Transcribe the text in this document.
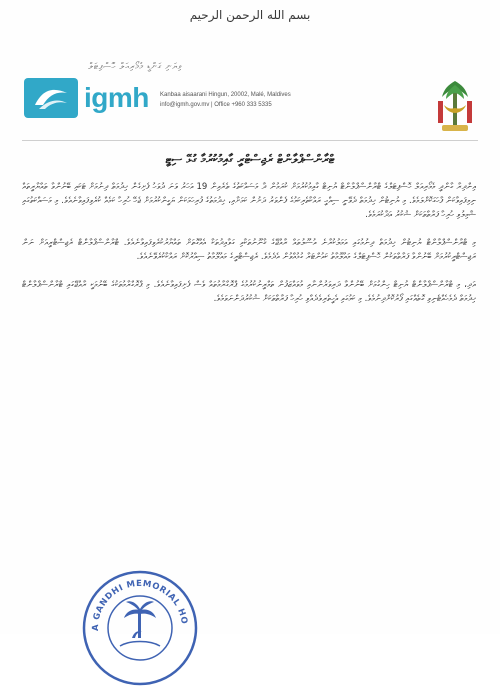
بسم الله الرحمن الرحيم
ވިޔަނި ގަންޑީ މެމޯރިއަލް ހޮސްޕިޓަލް
igmh Kanbaa aisaarani Hingun, 20002, Malé, Maldives
info@igmh.gov.mv | Office +960 333 5335
ޓްރާންސްޕްލާންޓް ރެޖިސްޓްރީ ގާއިމުކުރުމާ ގުޅޭ ސިޓީ

އިންދިރާ ގާންދީ މެމޯރިއަލް ހޮސްޕިޓަލްގެ ޓްރާންސްޕްލާންޓް ޔުނިޓް ގާއިމުކުރުމަށް ކުރަމުން ދާ މަސައްކަތުގެ ތެރެއިން 19 އަހަރު ވަނަ ދުވަހު ފެށިގެން ޚިދުމަތް ދިނުމަށް ޓަކައި ބޭނުންވާ ތައްޔާރީތައް ނިމިފައިވާކަން ފާހަގަކޮށްލަމެވެ. މި ޔުނިޓުން ޚިދުމަތް ދެވޭނީ ސިއްޙީ ރައްކާތެރިކަމުގެ ފެންވަރު ދަށުން ކަމަށާއި، ޚިދުމަތުގެ ފުރިހަމަކަން ޔަގީންކުރުމަށް ޖެހޭ ހުރިހާ ކަމެއް ކުރެވިފައިވާނެއެވެ. މި މަސައްކަތުގައި ޝާމިލުވި ހުރިހާ ފަރާތްތަކަށް ޝުކުރު އަދާކުރަމެވެ.

މި ޓްރާންސްޕްލާންޓް ޔުނިޓުން ޚިދުމަތް ދިނުމުގައި އަމަލުކުރާނެ އުސޫލުތައް ރާއްޖޭގެ ޤާނޫނުތަކާއި ގަވާއިދުތަކާ އެއްގޮތަށް ތައްޔާރުކުރެވިފައިވާނެއެވެ. ޓްރާންސްޕްލާންޓް ރެޖިސްޓްރީއަށް ނަން ރަޖިސްޓްރީކުރުމަށް ބޭނުންވާ ފަރާތްތަކުން ހޮސްޕިޓަލްގެ މައުލޫމާތު ކައުންޓަރާ ގުޅުއްވުން އެދެމެވެ. ރެޖިސްޓްރީގެ މައުލޫމާތު ސިއްރުކޮށް ރައްކާކުރެވޭނެއެވެ.

އަދި، މި ޓްރާންސްޕްލާންޓް ޔުނިޓް ހިންގުމަށް ބޭނުންވާ ދަރިވަރުންނާއި މުވައްޒަފުން ތަމްރީނުކުރުމުގެ ޕްރޮގްރާމުތައް ވެސް ފެށިފައިވާނެއެވެ. މި ޕްރޮގްރާމުތަކުގެ ބޭނުމަކީ ރާއްޖޭގައި ޓްރާންސްޕްލާންޓް ޚިދުމަތް ދެމެހެއްޓެނިވި ގޮތެއްގައި ފޯރުކޮށްދިނުމެވެ. މި ކަމުގައި އެހީތެރިވެދެއްވި ހުރިހާ ފަރާތްތަކަށް ޝުކުރުދަންނަވަމެވެ.

A GANDHI MEMORIAL HO
